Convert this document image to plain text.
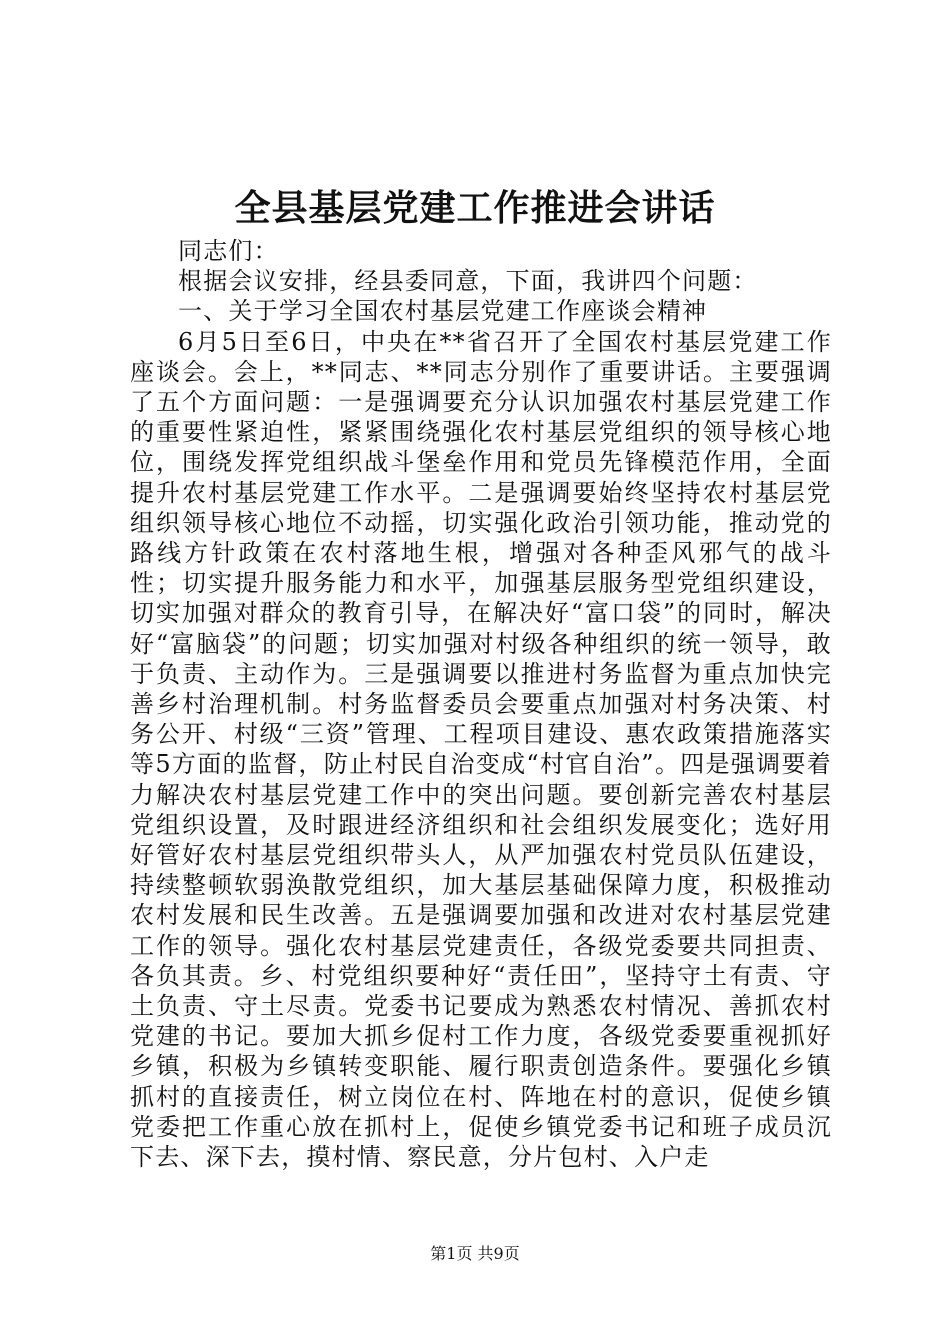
全县基层党建工作推进会讲话

同志们：

根据会议安排，经县委同意，下面，我讲四个问题：

一、关于学习全国农村基层党建工作座谈会精神

6月5日至6日，中央在**省召开了全国农村基层党建工作座谈会。会上，**同志、**同志分别作了重要讲话。主要强调了五个方面问题：一是强调要充分认识加强农村基层党建工作的重要性紧迫性，紧紧围绕强化农村基层党组织的领导核心地位，围绕发挥党组织战斗堡垒作用和党员先锋模范作用，全面提升农村基层党建工作水平。二是强调要始终坚持农村基层党组织领导核心地位不动摇，切实强化政治引领功能，推动党的路线方针政策在农村落地生根，增强对各种歪风邪气的战斗性；切实提升服务能力和水平，加强基层服务型党组织建设，切实加强对群众的教育引导，在解决好“富口袋”的同时，解决好“富脑袋”的问题；切实加强对村级各种组织的统一领导，敢于负责、主动作为。三是强调要以推进村务监督为重点加快完善乡村治理机制。村务监督委员会要重点加强对村务决策、村务公开、村级“三资”管理、工程项目建设、惠农政策措施落实等5方面的监督，防止村民自治变成“村官自治”。四是强调要着力解决农村基层党建工作中的突出问题。要创新完善农村基层党组织设置，及时跟进经济组织和社会组织发展变化；选好用好管好农村基层党组织带头人，从严加强农村党员队伍建设，持续整顿软弱涣散党组织，加大基层基础保障力度，积极推动农村发展和民生改善。五是强调要加强和改进对农村基层党建工作的领导。强化农村基层党建责任，各级党委要共同担责、各负其责。乡、村党组织要种好“责任田”，坚持守土有责、守土负责、守土尽责。党委书记要成为熟悉农村情况、善抓农村党建的书记。要加大抓乡促村工作力度，各级党委要重视抓好乡镇，积极为乡镇转变职能、履行职责创造条件。要强化乡镇抓村的直接责任，树立岗位在村、阵地在村的意识，促使乡镇党委把工作重心放在抓村上，促使乡镇党委书记和班子成员沉下去、深下去，摸村情、察民意，分片包村、入户走

第1页 共9页
